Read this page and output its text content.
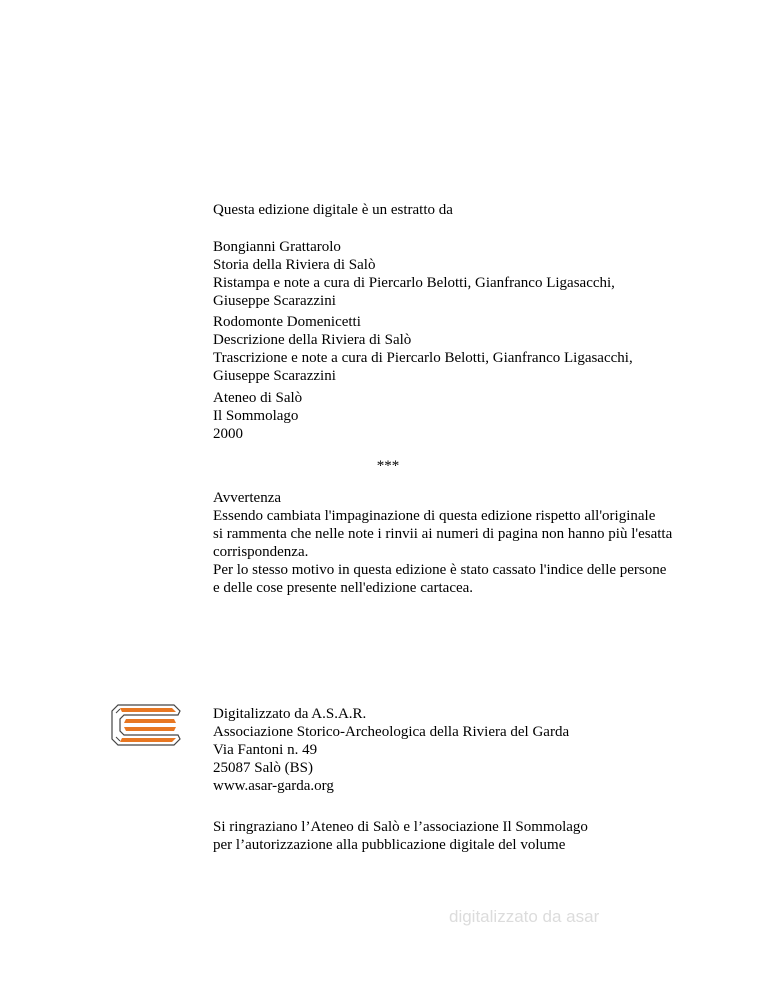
Questa edizione digitale è un estratto da
Bongianni Grattarolo
Storia della Riviera di Salò
Ristampa e note a cura di Piercarlo Belotti, Gianfranco Ligasacchi,
Giuseppe Scarazzini
Rodomonte Domenicetti
Descrizione della Riviera di Salò
Trascrizione e note a cura di Piercarlo Belotti, Gianfranco Ligasacchi,
Giuseppe Scarazzini
Ateneo di Salò
Il Sommolago
2000
***
Avvertenza
Essendo cambiata l'impaginazione di questa edizione rispetto all'originale
si rammenta che nelle note i rinvii ai numeri di pagina non hanno più l'esatta
corrispondenza.
Per lo stesso motivo in questa edizione è stato cassato l'indice delle persone
e delle cose presente nell'edizione cartacea.
Digitalizzato da A.S.A.R.
Associazione Storico-Archeologica della Riviera del Garda
Via Fantoni n. 49
25087 Salò (BS)
www.asar-garda.org
Si ringraziano l’Ateneo di Salò e l’associazione Il Sommolago
per l’autorizzazione alla pubblicazione digitale del volume
digitalizzato da asar
